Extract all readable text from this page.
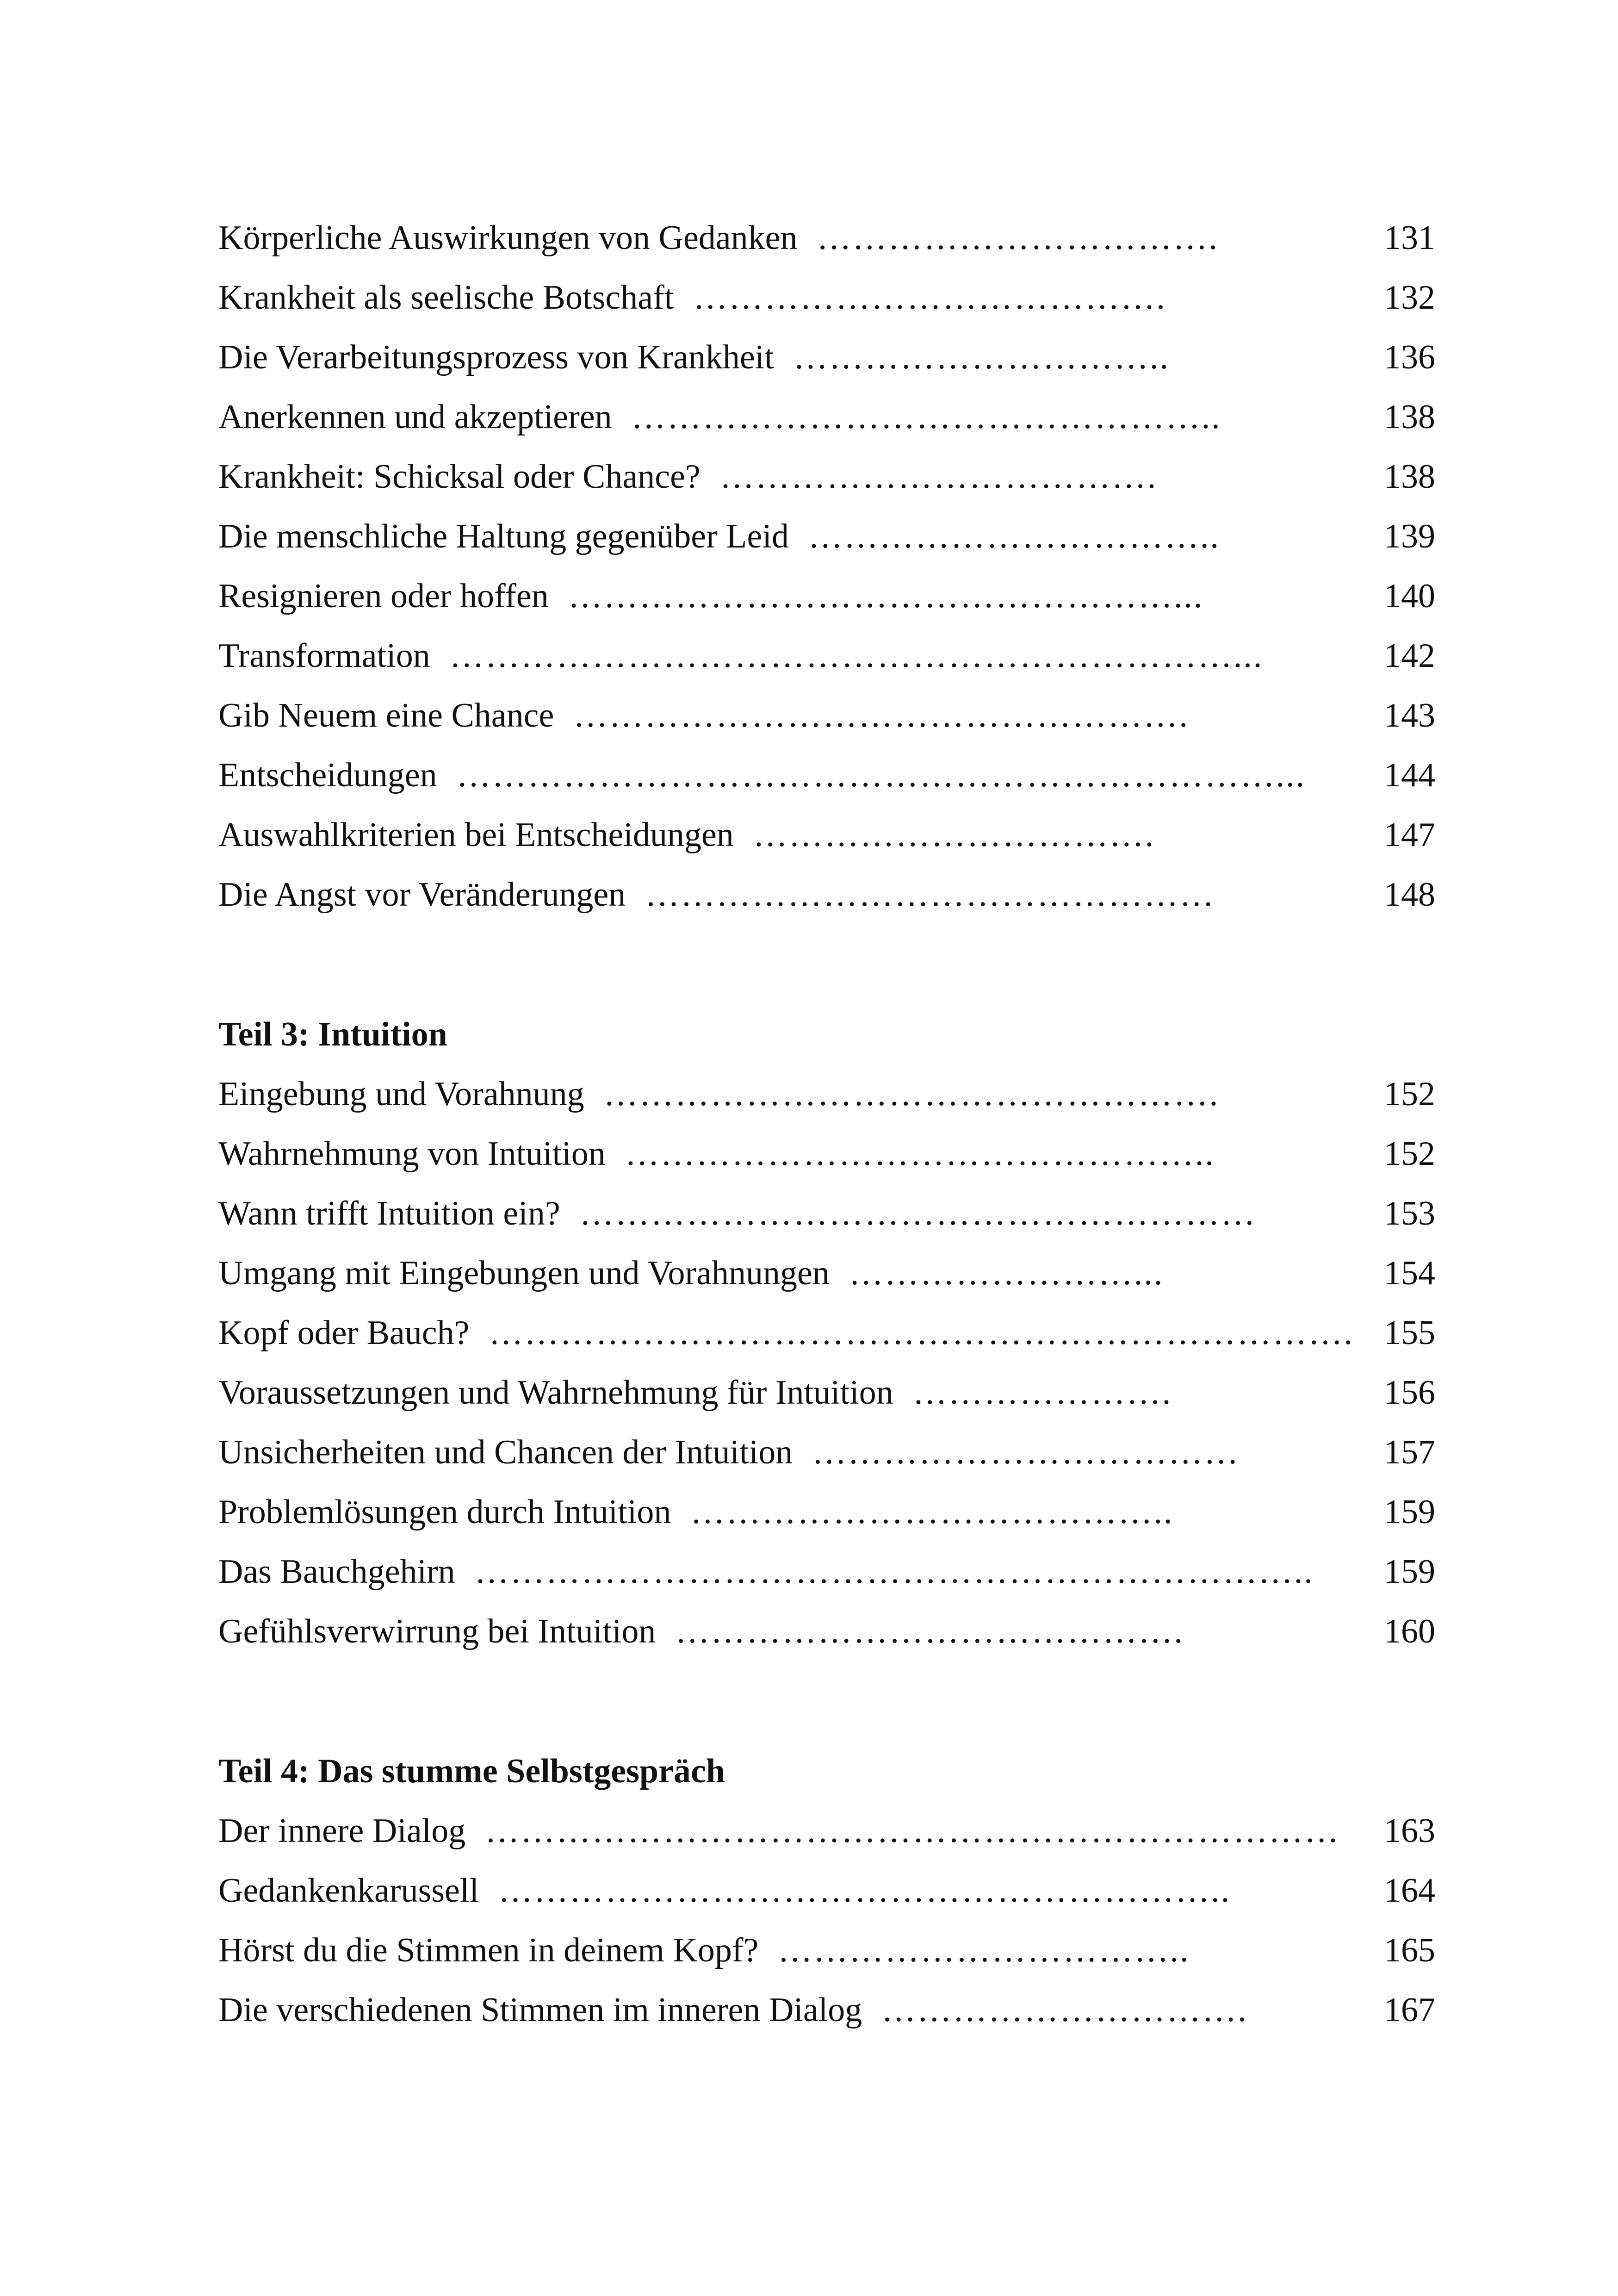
Körperliche Auswirkungen von Gedanken …………………………….	131
Krankheit als seelische Botschaft ………………………………….	132
Die Verarbeitungsprozess von Krankheit …………………………..	136
Anerkennen und akzeptieren …………………………………………..	138
Krankheit: Schicksal oder Chance? ……………………………….	138
Die menschliche Haltung gegenüber Leid ……………………………..	139
Resignieren oder hoffen ……………………………………………...	140
Transformation …………………………………………………………...	142
Gib Neuem eine Chance …………………………………………….	143
Entscheidungen ……………………………………………………………...	144
Auswahlkriterien bei Entscheidungen …………………………….	147
Die Angst vor Veränderungen …………………………………………	148
Teil 3: Intuition
Eingebung und Vorahnung …………………………………………….	152
Wahrnehmung von Intuition …………………………………………..	152
Wann trifft Intuition ein? …………………………………………………	153
Umgang mit Eingebungen und Vorahnungen ……………………...	154
Kopf oder Bauch? ………………………………………………………………. 155
Voraussetzungen und Wahrnehmung für Intuition ………………….	156
Unsicherheiten und Chancen der Intuition ………………………………	157
Problemlösungen durch Intuition …………………………………..	159
Das Bauchgehirn ……………………………………………………………..	159
Gefühlsverwirrung bei Intuition …………………………………….	160
Teil 4: Das stumme Selbstgespräch
Der innere Dialog ………………………………………………………………	163
Gedankenkarussell ……………………………………………………..	164
Hörst du die Stimmen in deinem Kopf? ……………………………..	165
Die verschiedenen Stimmen im inneren Dialog ………………………….	167
